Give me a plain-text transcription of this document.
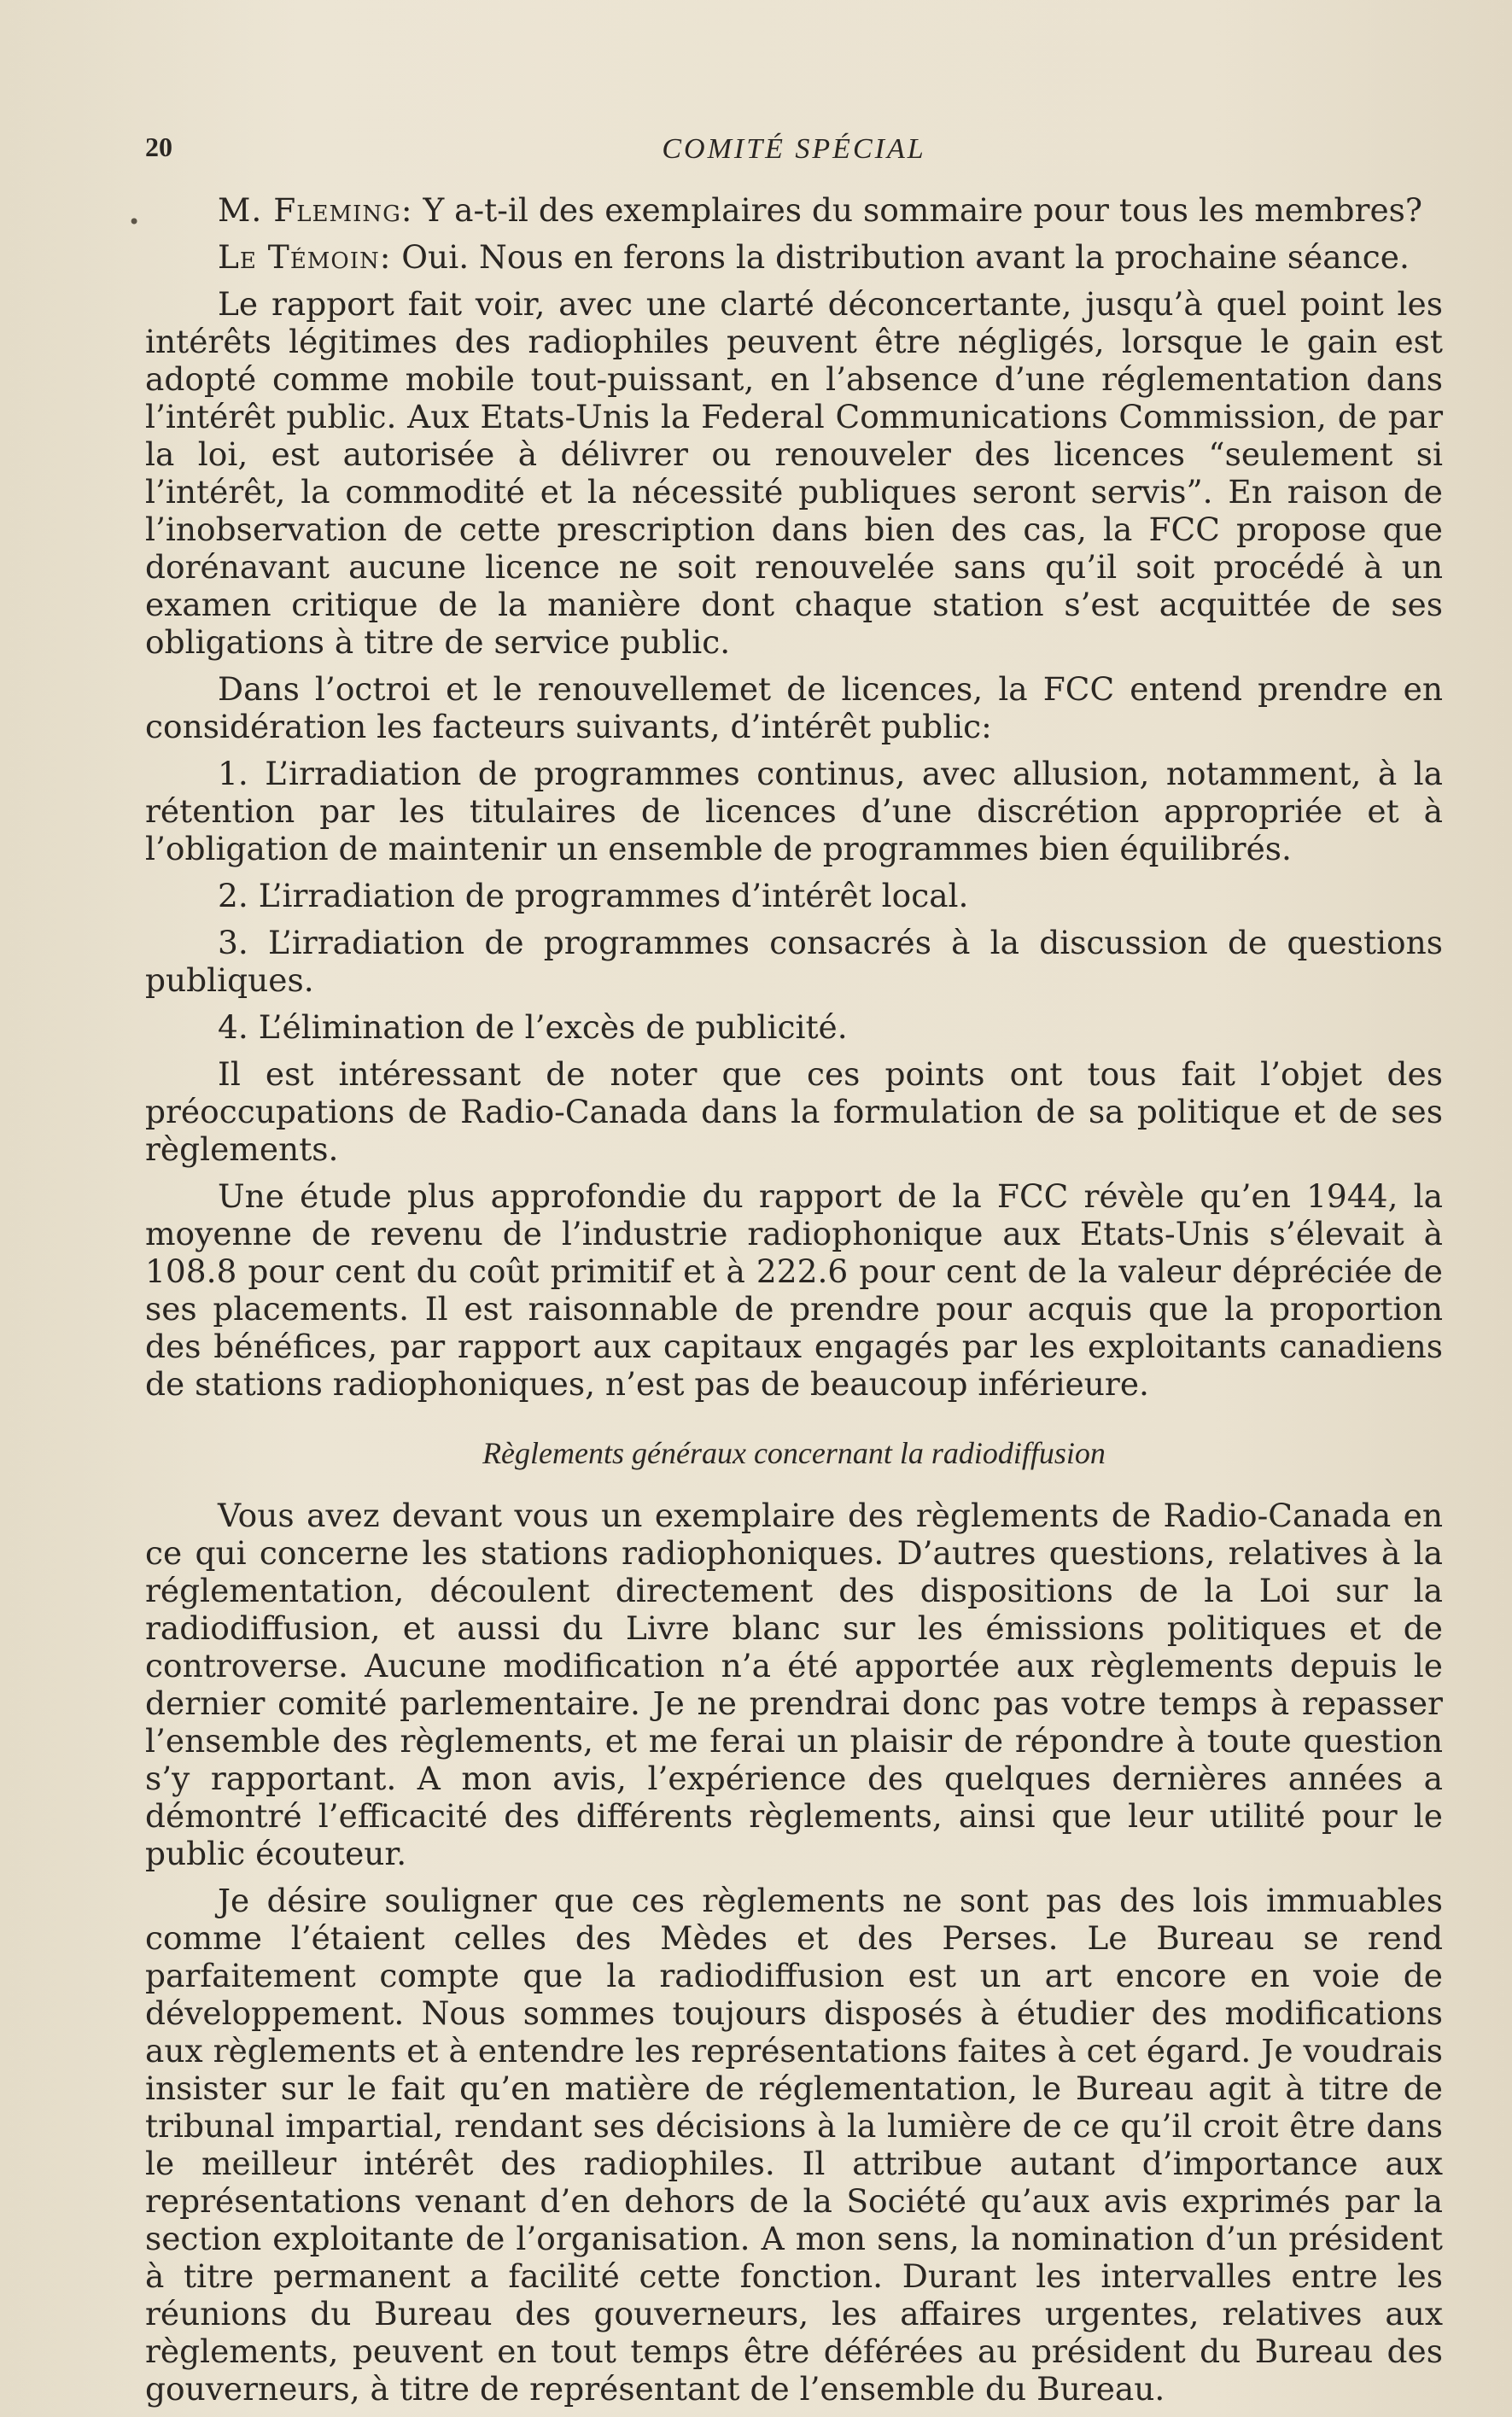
20	COMITÉ SPÉCIAL
•	M. Fleming: Y a-t-il des exemplaires du sommaire pour tous les membres?

Le Témoin: Oui. Nous en ferons la distribution avant la prochaine séance.

Le rapport fait voir, avec une clarté déconcertante, jusqu’à quel point les intérêts légitimes des radiophiles peuvent être négligés, lorsque le gain est adopté comme mobile tout-puissant, en l’absence d’une réglementation dans l’intérêt public. Aux Etats-Unis la Federal Communications Commission, de par la loi, est autorisée à délivrer ou renouveler des licences “seulement si l’intérêt, la commodité et la nécessité publiques seront servis”. En raison de l’inobservation de cette prescription dans bien des cas, la FCC propose que dorénavant aucune licence ne soit renouvelée sans qu’il soit procédé à un examen critique de la manière dont chaque station s’est acquittée de ses obligations à titre de service public.

Dans l’octroi et le renouvellemet de licences, la FCC entend prendre en considération les facteurs suivants, d’intérêt public:

1. L’irradiation de programmes continus, avec allusion, notamment, à la rétention par les titulaires de licences d’une discrétion appropriée et à l’obligation de maintenir un ensemble de programmes bien équilibrés.

2. L’irradiation de programmes d’intérêt local.

3. L’irradiation de programmes consacrés à la discussion de questions publiques.

4. L’élimination de l’excès de publicité.

Il est intéressant de noter que ces points ont tous fait l’objet des préoccupations de Radio-Canada dans la formulation de sa politique et de ses règlements.

Une étude plus approfondie du rapport de la FCC révèle qu’en 1944, la moyenne de revenu de l’industrie radiophonique aux Etats-Unis s’élevait à 108.8 pour cent du coût primitif et à 222.6 pour cent de la valeur dépréciée de ses placements. Il est raisonnable de prendre pour acquis que la proportion des bénéfices, par rapport aux capitaux engagés par les exploitants canadiens de stations radiophoniques, n’est pas de beaucoup inférieure.

Règlements généraux concernant la radiodiffusion

Vous avez devant vous un exemplaire des règlements de Radio-Canada en ce qui concerne les stations radiophoniques. D’autres questions, relatives à la réglementation, découlent directement des dispositions de la Loi sur la radiodiffusion, et aussi du Livre blanc sur les émissions politiques et de controverse. Aucune modification n’a été apportée aux règlements depuis le dernier comité parlementaire. Je ne prendrai donc pas votre temps à repasser l’ensemble des règlements, et me ferai un plaisir de répondre à toute question s’y rapportant. A mon avis, l’expérience des quelques dernières années a démontré l’efficacité des différents règlements, ainsi que leur utilité pour le public écouteur.

Je désire souligner que ces règlements ne sont pas des lois immuables comme l’étaient celles des Mèdes et des Perses. Le Bureau se rend parfaitement compte que la radiodiffusion est un art encore en voie de développement. Nous sommes toujours disposés à étudier des modifications aux règlements et à entendre les représentations faites à cet égard. Je voudrais insister sur le fait qu’en matière de réglementation, le Bureau agit à titre de tribunal impartial, rendant ses décisions à la lumière de ce qu’il croit être dans le meilleur intérêt des radiophiles. Il attribue autant d’importance aux représentations venant d’en dehors de la Société qu’aux avis exprimés par la section exploitante de l’organisation. A mon sens, la nomination d’un président à titre permanent a facilité cette fonction. Durant les intervalles entre les réunions du Bureau des gouverneurs, les affaires urgentes, relatives aux règlements, peuvent en tout temps être déférées au président du Bureau des gouverneurs, à titre de représentant de l’ensemble du Bureau.
